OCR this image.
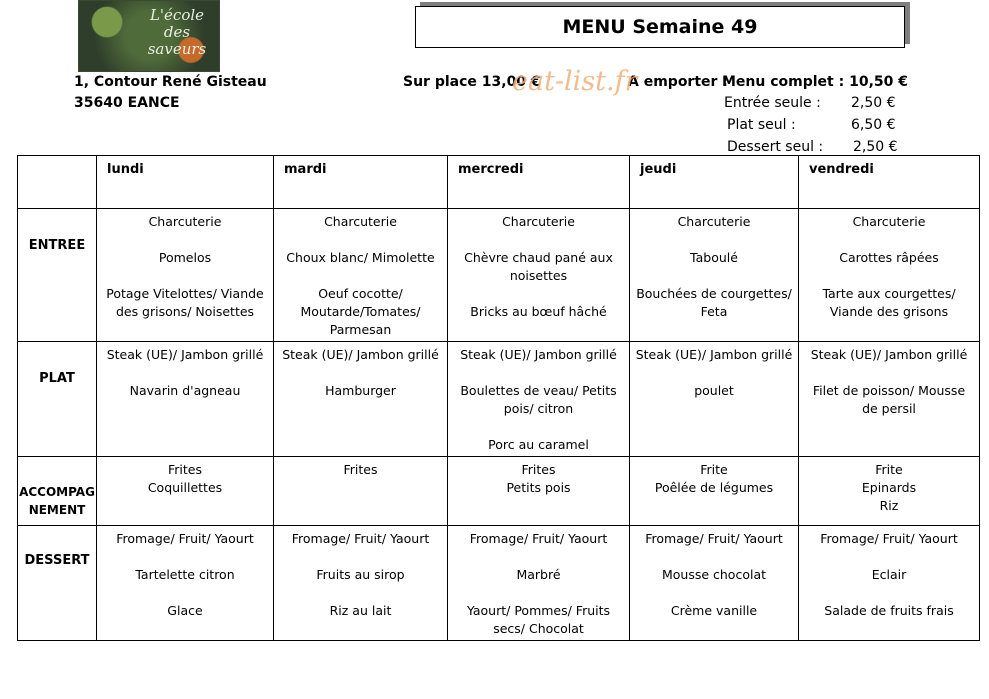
L'école des saveurs
MENU Semaine 49
1, Contour René Gisteau
35640 EANCE
Sur place 13,00 €	A emporter :
Menu complet : 10,50 €
Entrée seule : 2,50 €
Plat seul :	6,50 €
Dessert seul : 2,50 €
eat-list.fr
	lundi	mardi	mercredi	jeudi	vendredi

ENTREE	Charcuterie
Pomelos
Potage Vitelottes/ Viande
des grisons/ Noisettes	Charcuterie
Choux blanc/ Mimolette
Oeuf cocotte/
Moutarde/Tomates/
Parmesan	Charcuterie
Chèvre chaud pané aux
noisettes
Bricks au bœuf hâché	Charcuterie
Taboulé
Bouchées de courgettes/
Feta	Charcuterie
Carottes râpées
Tarte aux courgettes/
Viande des grisons

PLAT	Steak (UE)/ Jambon grillé
Navarin d'agneau	Steak (UE)/ Jambon grillé
Hamburger	Steak (UE)/ Jambon grillé
Boulettes de veau/ Petits
pois/ citron
Porc au caramel	Steak (UE)/ Jambon grillé
poulet	Steak (UE)/ Jambon grillé
Filet de poisson/ Mousse
de persil

ACCOMPAG
NEMENT	Frites
Coquillettes	Frites	Frites
Petits pois	Frite
Poêlée de légumes	Frite
Epinards
Riz

DESSERT	Fromage/ Fruit/ Yaourt
Tartelette citron
Glace	Fromage/ Fruit/ Yaourt
Fruits au sirop
Riz au lait	Fromage/ Fruit/ Yaourt
Marbré
Yaourt/ Pommes/ Fruits
secs/ Chocolat	Fromage/ Fruit/ Yaourt
Mousse chocolat
Crème vanille	Fromage/ Fruit/ Yaourt
Eclair
Salade de fruits frais
